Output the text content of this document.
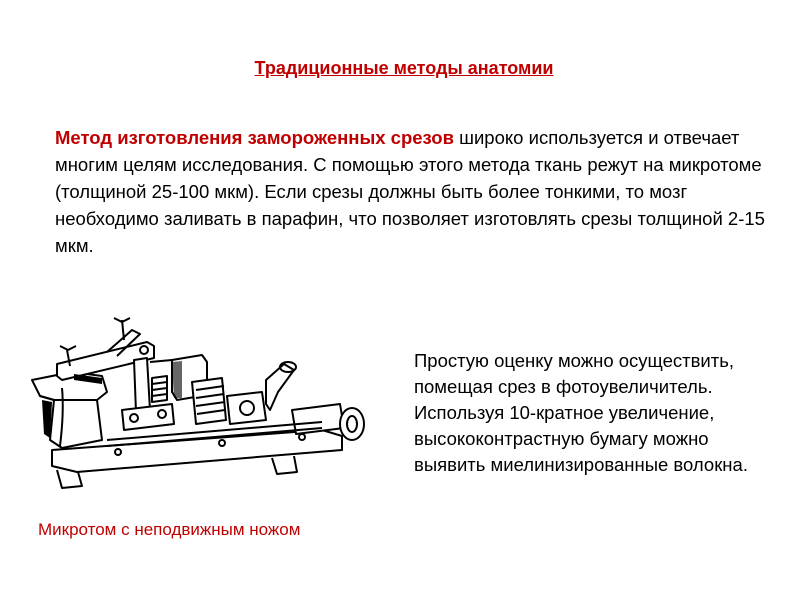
Традиционные методы анатомии
Метод изготовления замороженных срезов широко используется и отвечает многим целям исследования. С помощью этого метода ткань режут на микротоме (толщиной 25-100 мкм). Если срезы должны быть более тонкими, то мозг необходимо заливать в парафин, что позволяет изготовлять срезы толщиной 2-15 мкм.
Микротом с неподвижным ножом
Простую оценку можно осуществить, помещая срез в фотоувеличитель. Используя 10-кратное увеличение, высококонтрастную бумагу можно выявить миелинизированные волокна.
